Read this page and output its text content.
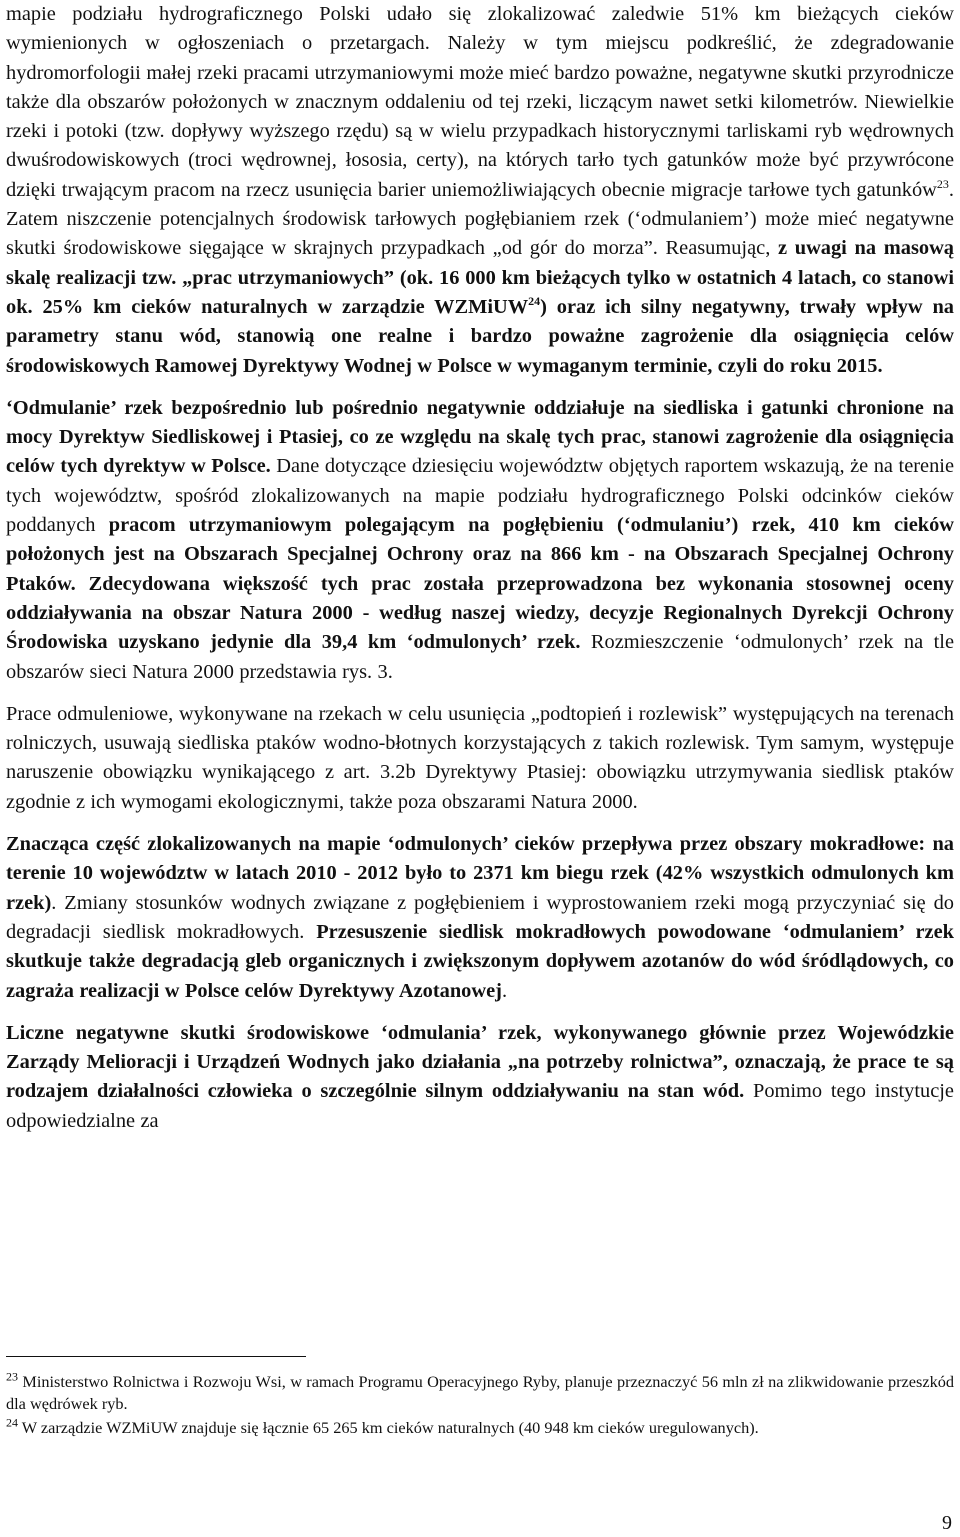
mapie podziału hydrograficznego Polski udało się zlokalizować zaledwie 51% km bieżących cieków wymienionych w ogłoszeniach o przetargach. Należy w tym miejscu podkreślić, że zdegradowanie hydromorfologii małej rzeki pracami utrzymaniowymi może mieć bardzo poważne, negatywne skutki przyrodnicze także dla obszarów położonych w znacznym oddaleniu od tej rzeki, liczącym nawet setki kilometrów. Niewielkie rzeki i potoki (tzw. dopływy wyższego rzędu) są w wielu przypadkach historycznymi tarliskami ryb wędrownych dwuśrodowiskowych (troci wędrownej, łososia, certy), na których tarło tych gatunków może być przywrócone dzięki trwającym pracom na rzecz usunięcia barier uniemożliwiających obecnie migracje tarłowe tych gatunków$^{23}$. Zatem niszczenie potencjalnych środowisk tarłowych pogłębianiem rzek (‘odmulaniem’) może mieć negatywne skutki środowiskowe sięgające w skrajnych przypadkach „od gór do morza”. Reasumując, z uwagi na masową skalę realizacji tzw. „prac utrzymaniowych” (ok. 16 000 km bieżących tylko w ostatnich 4 latach, co stanowi ok. 25% km cieków naturalnych w zarządzie WZMiUW$^{24}$) oraz ich silny negatywny, trwały wpływ na parametry stanu wód, stanowią one realne i bardzo poważne zagrożenie dla osiągnięcia celów środowiskowych Ramowej Dyrektywy Wodnej w Polsce w wymaganym terminie, czyli do roku 2015.

‘Odmulanie’ rzek bezpośrednio lub pośrednio negatywnie oddziałuje na siedliska i gatunki chronione na mocy Dyrektyw Siedliskowej i Ptasiej, co ze względu na skalę tych prac, stanowi zagrożenie dla osiągnięcia celów tych dyrektyw w Polsce. Dane dotyczące dziesięciu województw objętych raportem wskazują, że na terenie tych województw, spośród zlokalizowanych na mapie podziału hydrograficznego Polski odcinków cieków poddanych pracom utrzymaniowym polegającym na pogłębieniu (‘odmulaniu’) rzek, 410 km cieków położonych jest na Obszarach Specjalnej Ochrony oraz na 866 km - na Obszarach Specjalnej Ochrony Ptaków. Zdecydowana większość tych prac została przeprowadzona bez wykonania stosownej oceny oddziaływania na obszar Natura 2000 - według naszej wiedzy, decyzje Regionalnych Dyrekcji Ochrony Środowiska uzyskano jedynie dla 39,4 km ‘odmulonych’ rzek. Rozmieszczenie ‘odmulonych’ rzek na tle obszarów sieci Natura 2000 przedstawia rys. 3.

Prace odmuleniowe, wykonywane na rzekach w celu usunięcia „podtopień i rozlewisk” występujących na terenach rolniczych, usuwają siedliska ptaków wodno-błotnych korzystających z takich rozlewisk. Tym samym, występuje naruszenie obowiązku wynikającego z art. 3.2b Dyrektywy Ptasiej: obowiązku utrzymywania siedlisk ptaków zgodnie z ich wymogami ekologicznymi, także poza obszarami Natura 2000.

Znacząca część zlokalizowanych na mapie ‘odmulonych’ cieków przepływa przez obszary mokradłowe: na terenie 10 województw w latach 2010 - 2012 było to 2371 km biegu rzek (42% wszystkich odmulonych km rzek). Zmiany stosunków wodnych związane z pogłębieniem i wyprostowaniem rzeki mogą przyczyniać się do degradacji siedlisk mokradłowych. Przesuszenie siedlisk mokradłowych powodowane ‘odmulaniem’ rzek skutkuje także degradacją gleb organicznych i zwiększonym dopływem azotanów do wód śródlądowych, co zagraża realizacji w Polsce celów Dyrektywy Azotanowej.

Liczne negatywne skutki środowiskowe ‘odmulania’ rzek, wykonywanego głównie przez Wojewódzkie Zarządy Melioracji i Urządzeń Wodnych jako działania „na potrzeby rolnictwa”, oznaczają, że prace te są rodzajem działalności człowieka o szczególnie silnym oddziaływaniu na stan wód. Pomimo tego instytucje odpowiedzialne za

$^{23}$ Ministerstwo Rolnictwa i Rozwoju Wsi, w ramach Programu Operacyjnego Ryby, planuje przeznaczyć 56 mln zł na zlikwidowanie przeszkód dla wędrówek ryb.

$^{24}$ W zarządzie WZMiUW znajduje się łącznie 65 265 km cieków naturalnych (40 948 km cieków uregulowanych).

9
